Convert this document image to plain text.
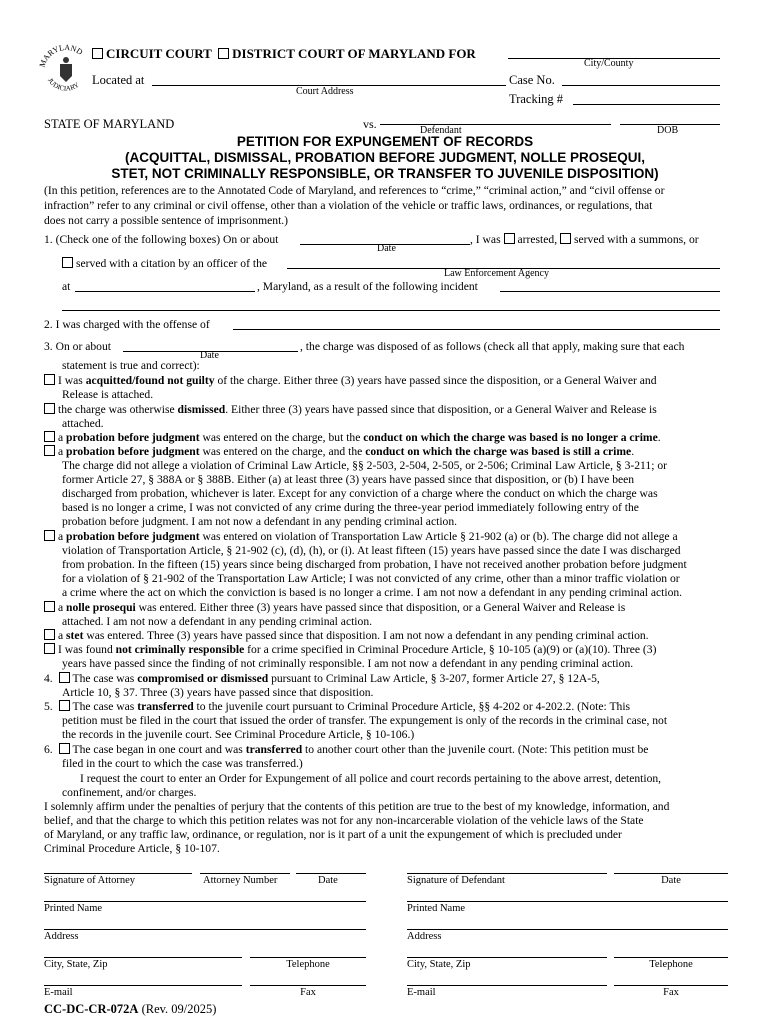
MARYLAND
JUDICIARY
CIRCUIT COURT DISTRICT COURT OF MARYLAND FOR
City/County
Located at
Court Address
Case No.
Tracking #
STATE OF MARYLAND	vs.	Defendant	DOB
PETITION FOR EXPUNGEMENT OF RECORDS
(ACQUITTAL, DISMISSAL, PROBATION BEFORE JUDGMENT, NOLLE PROSEQUI,
STET, NOT CRIMINALLY RESPONSIBLE, OR TRANSFER TO JUVENILE DISPOSITION)
(In this petition, references are to the Annotated Code of Maryland, and references to “crime,” “criminal action,” and “civil offense or
infraction” refer to any criminal or civil offense, other than a violation of the vehicle or traffic laws, ordinances, or regulations, that
does not carry a possible sentence of imprisonment.)
1. (Check one of the following boxes) On or about
Date
, I was arrested, served with a summons, or
served with a citation by an officer of the
Law Enforcement Agency
at	, Maryland, as a result of the following incident
2. I was charged with the offense of
3. On or about
Date
, the charge was disposed of as follows (check all that apply, making sure that each
statement is true and correct):
I was acquitted/found not guilty of the charge. Either three (3) years have passed since the disposition, or a General Waiver and
Release is attached.
the charge was otherwise dismissed. Either three (3) years have passed since that disposition, or a General Waiver and Release is
attached.
a probation before judgment was entered on the charge, but the conduct on which the charge was based is no longer a crime.
a probation before judgment was entered on the charge, and the conduct on which the charge was based is still a crime.
The charge did not allege a violation of Criminal Law Article, §§ 2-503, 2-504, 2-505, or 2-506; Criminal Law Article, § 3-211; or
former Article 27, § 388A or § 388B. Either (a) at least three (3) years have passed since that disposition, or (b) I have been
discharged from probation, whichever is later. Except for any conviction of a charge where the conduct on which the charge was
based is no longer a crime, I was not convicted of any crime during the three-year period immediately following entry of the
probation before judgment. I am not now a defendant in any pending criminal action.
a probation before judgment was entered on violation of Transportation Law Article § 21-902 (a) or (b). The charge did not allege a
violation of Transportation Article, § 21-902 (c), (d), (h), or (i). At least fifteen (15) years have passed since the date I was discharged
from probation. In the fifteen (15) years since being discharged from probation, I have not received another probation before judgment
for a violation of § 21-902 of the Transportation Law Article; I was not convicted of any crime, other than a minor traffic violation or
a crime where the act on which the conviction is based is no longer a crime. I am not now a defendant in any pending criminal action.
a nolle prosequi was entered. Either three (3) years have passed since that disposition, or a General Waiver and Release is
attached. I am not now a defendant in any pending criminal action.
a stet was entered. Three (3) years have passed since that disposition. I am not now a defendant in any pending criminal action.
I was found not criminally responsible for a crime specified in Criminal Procedure Article, § 10-105 (a)(9) or (a)(10). Three (3)
years have passed since the finding of not criminally responsible. I am not now a defendant in any pending criminal action.
4. The case was compromised or dismissed pursuant to Criminal Law Article, § 3-207, former Article 27, § 12A-5,
Article 10, § 37. Three (3) years have passed since that disposition.
5. The case was transferred to the juvenile court pursuant to Criminal Procedure Article, §§ 4-202 or 4-202.2. (Note: This
petition must be filed in the court that issued the order of transfer. The expungement is only of the records in the criminal case, not
the records in the juvenile court. See Criminal Procedure Article, § 10-106.)
6. The case began in one court and was transferred to another court other than the juvenile court. (Note: This petition must be
filed in the court to which the case was transferred.)
I request the court to enter an Order for Expungement of all police and court records pertaining to the above arrest, detention,
confinement, and/or charges.
I solemnly affirm under the penalties of perjury that the contents of this petition are true to the best of my knowledge, information, and
belief, and that the charge to which this petition relates was not for any non-incarcerable violation of the vehicle laws of the State
of Maryland, or any traffic law, ordinance, or regulation, nor is it part of a unit the expungement of which is precluded under
Criminal Procedure Article, § 10-107.
Signature of Attorney	Attorney Number	Date
Printed Name
Address
City, State, Zip	Telephone
E-mail	Fax
Signature of Defendant	Date
Printed Name
Address
City, State, Zip	Telephone
E-mail	Fax
CC-DC-CR-072A (Rev. 09/2025)
